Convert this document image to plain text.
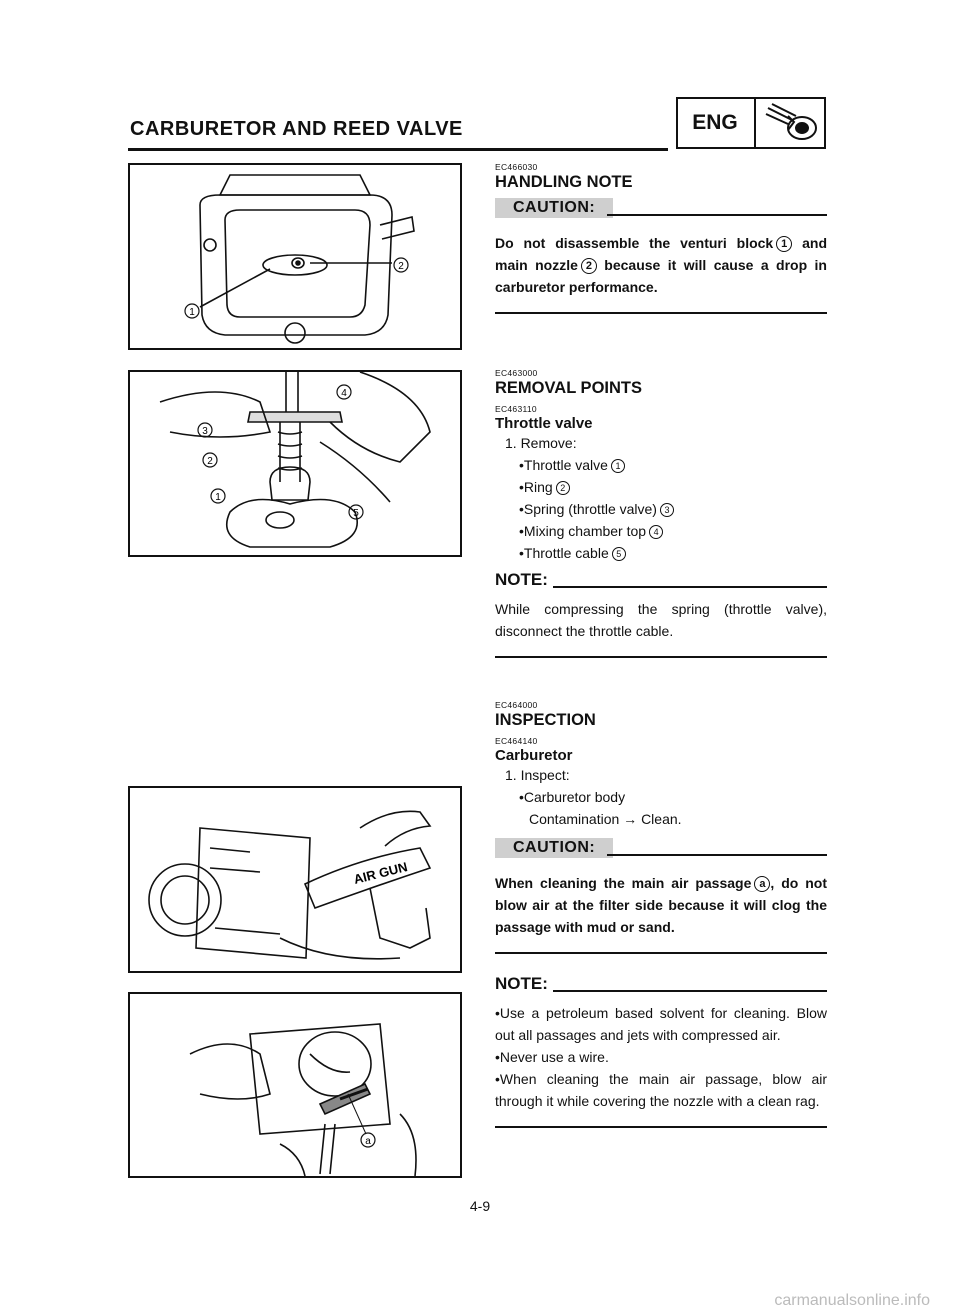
CARBURETOR AND REED VALVE	ENG
2
1
4
3
2
1
5
AIR GUN
a
EC466030
HANDLING NOTE
CAUTION:
Do not disassemble the venturi block 1 and main nozzle 2 because it will cause a drop in carburetor performance.
EC463000
REMOVAL POINTS
EC463110
Throttle valve
1. Remove:
•Throttle valve 1
•Ring 2
•Spring (throttle valve) 3
•Mixing chamber top 4
•Throttle cable 5
NOTE:
While compressing the spring (throttle valve), disconnect the throttle cable.
EC464000
INSPECTION
EC464140
Carburetor
1. Inspect:
•Carburetor body
Contamination → Clean.
CAUTION:
When cleaning the main air passage a , do not blow air at the filter side because it will clog the passage with mud or sand.
NOTE:
•Use a petroleum based solvent for cleaning. Blow out all passages and jets with compressed air.
•Never use a wire.
•When cleaning the main air passage, blow air through it while covering the nozzle with a clean rag.
4-9
carmanualsonline.info
